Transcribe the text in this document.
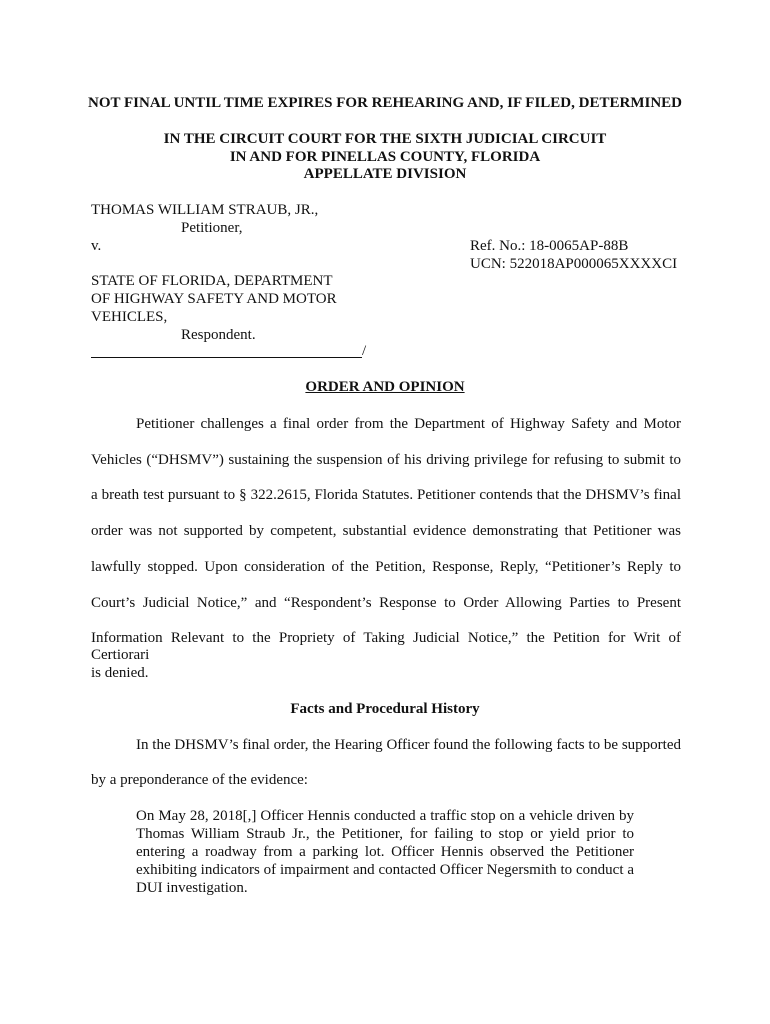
NOT FINAL UNTIL TIME EXPIRES FOR REHEARING AND, IF FILED, DETERMINED
IN THE CIRCUIT COURT FOR THE SIXTH JUDICIAL CIRCUIT
IN AND FOR PINELLAS COUNTY, FLORIDA
APPELLATE DIVISION
THOMAS WILLIAM STRAUB, JR.,
Petitioner,
v.	Ref. No.: 18-0065AP-88B
UCN: 522018AP000065XXXXCI
STATE OF FLORIDA, DEPARTMENT
OF HIGHWAY SAFETY AND MOTOR
VEHICLES,
Respondent.
/
ORDER AND OPINION
Petitioner challenges a final order from the Department of Highway Safety and Motor
Vehicles (“DHSMV”) sustaining the suspension of his driving privilege for refusing to submit to
a breath test pursuant to § 322.2615, Florida Statutes. Petitioner contends that the DHSMV’s final
order was not supported by competent, substantial evidence demonstrating that Petitioner was
lawfully stopped. Upon consideration of the Petition, Response, Reply, “Petitioner’s Reply to
Court’s Judicial Notice,” and “Respondent’s Response to Order Allowing Parties to Present
Information Relevant to the Propriety of Taking Judicial Notice,” the Petition for Writ of Certiorari
is denied.
Facts and Procedural History
In the DHSMV’s final order, the Hearing Officer found the following facts to be supported
by a preponderance of the evidence:
On May 28, 2018[,] Officer Hennis conducted a traffic stop on a vehicle driven by
Thomas William Straub Jr., the Petitioner, for failing to stop or yield prior to
entering a roadway from a parking lot. Officer Hennis observed the Petitioner
exhibiting indicators of impairment and contacted Officer Negersmith to conduct a
DUI investigation.
